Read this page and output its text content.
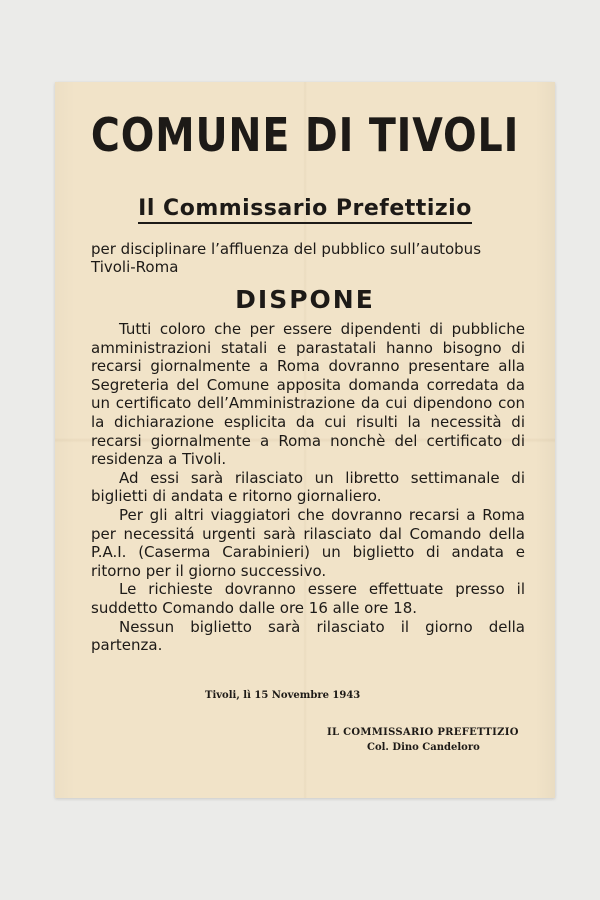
COMUNE DI TIVOLI
Il Commissario Prefettizio
per disciplinare l’affluenza del pubblico sull’autobus Tivoli-Roma
DISPONE

Tutti coloro che per essere dipendenti di pubbliche amministrazioni statali e parastatali hanno bisogno di recarsi giornalmente a Roma dovranno presentare alla Segreteria del Comune apposita domanda corredata da un certificato dell’Amministrazione da cui dipendono con la dichiarazione esplicita da cui risulti la necessità di recarsi giornalmente a Roma nonchè del certificato di residenza a Tivoli.

Ad essi sarà rilasciato un libretto settimanale di biglietti di andata e ritorno giornaliero.

Per gli altri viaggiatori che dovranno recarsi a Roma per necessitá urgenti sarà rilasciato dal Comando della P.A.I. (Caserma Carabinieri) un biglietto di andata e ritorno per il giorno successivo.

Le richieste dovranno essere effettuate presso il suddetto Comando dalle ore 16 alle ore 18.

Nessun biglietto sarà rilasciato il giorno della partenza.

Tivoli, lì 15 Novembre 1943
IL COMMISSARIO PREFETTIZIO
Col. Dino Candeloro
